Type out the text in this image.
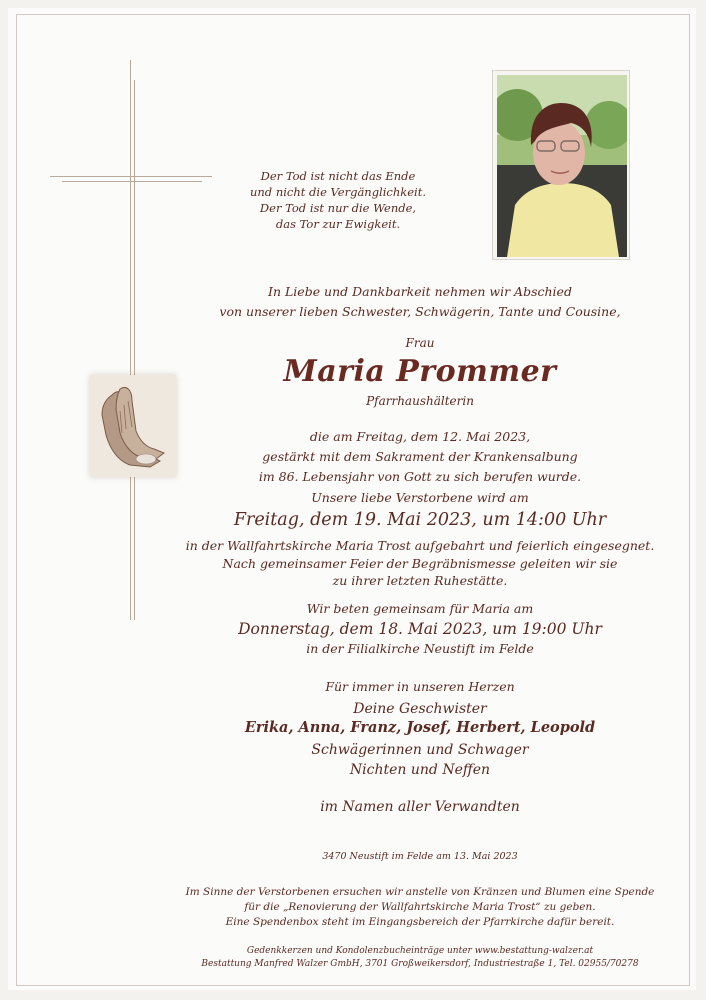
Der Tod ist nicht das Ende
und nicht die Vergänglichkeit.
Der Tod ist nur die Wende,
das Tor zur Ewigkeit.
In Liebe und Dankbarkeit nehmen wir Abschied
von unserer lieben Schwester, Schwägerin, Tante und Cousine,
Frau
Maria Prommer
Pfarrhaushälterin
die am Freitag, dem 12. Mai 2023,
gestärkt mit dem Sakrament der Krankensalbung
im 86. Lebensjahr von Gott zu sich berufen wurde.
Unsere liebe Verstorbene wird am
Freitag, dem 19. Mai 2023, um 14:00 Uhr
in der Wallfahrtskirche Maria Trost aufgebahrt und feierlich eingesegnet.
Nach gemeinsamer Feier der Begräbnismesse geleiten wir sie
zu ihrer letzten Ruhestätte.
Wir beten gemeinsam für Maria am
Donnerstag, dem 18. Mai 2023, um 19:00 Uhr
in der Filialkirche Neustift im Felde
Für immer in unseren Herzen
Deine Geschwister
Erika, Anna, Franz, Josef, Herbert, Leopold
Schwägerinnen und Schwager
Nichten und Neffen
im Namen aller Verwandten
3470 Neustift im Felde am 13. Mai 2023
Im Sinne der Verstorbenen ersuchen wir anstelle von Kränzen und Blumen eine Spende
für die „Renovierung der Wallfahrtskirche Maria Trost“ zu geben.
Eine Spendenbox steht im Eingangsbereich der Pfarrkirche dafür bereit.
Gedenkkerzen und Kondolenzbucheinträge unter www.bestattung-walzer.at
Bestattung Manfred Walzer GmbH, 3701 Großweikersdorf, Industriestraße 1, Tel. 02955/70278
